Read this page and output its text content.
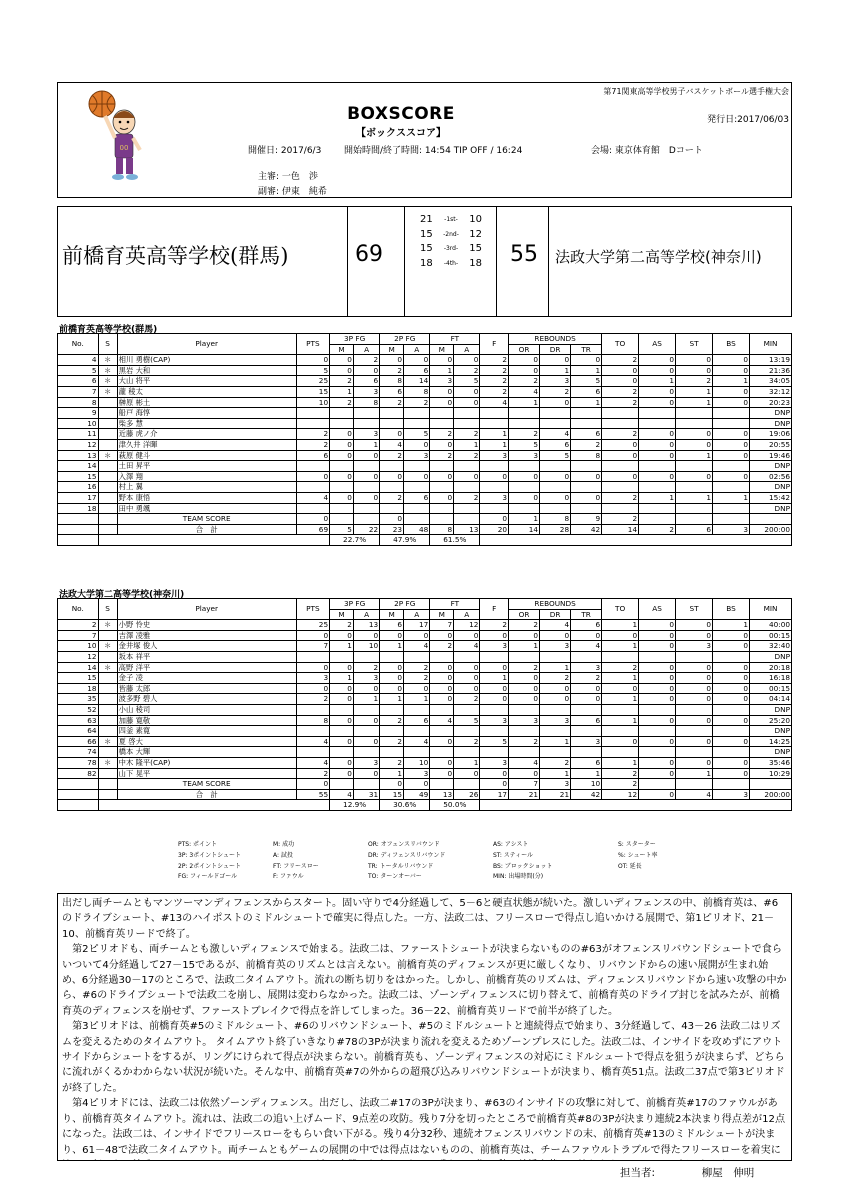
00
第71関東高等学校男子バスケットボール選手権大会
発行日:2017/06/03
BOXSCORE
【ボックススコア】
開催日: 2017/6/3	開始時間/終了時間: 14:54 TIP OFF / 16:24	会場: 東京体育館　Dコート
主審: 一色　渉
副審: 伊東　純希
前橋育英高等学校(群馬)	69
21 -1st- 10
15 -2nd- 12
15 -3rd- 15
18 -4th- 18 55 法政大学第二高等学校(神奈川)
前橋育英高等学校(群馬)
No.	S	Player	PTS	3P FG		2P FG		FT		F	REBOUNDS			TO	AS	ST	BS	MIN
				M	A	M	A	M	A		OR	DR	TR					
4	＊	相川 勇樹(CAP)	0	0	2	0	0	0	0	2	0	0	0	2	0	0	0	13:19
5	＊	黒岩 大和	5	0	0	2	6	1	2	2	0	1	1	0	0	0	0	21:36
6	＊	大山 将平	25	2	6	8	14	3	5	2	2	3	5	0	1	2	1	34:05
7	＊	瀧 稜太	15	1	3	6	8	0	0	2	4	2	6	2	0	1	0	32:12
8		榊原 彬土	10	2	8	2	2	0	0	4	1	0	1	2	0	1	0	20:23
9		船戸 海惇																DNP
10		柴多 慧																DNP
11		近藤 虎ノ介	2	0	3	0	5	2	2	1	2	4	6	2	0	0	0	19:06
12		津久井 洋暉	2	0	1	4	0	0	1	1	5	6	2	0	0	0	0	20:55
13	＊	萩原 健斗	6	0	0	2	3	2	2	3	3	5	8	0	0	1	0	19:46
14		土田 昇平																DNP
15		入澤 翔	0	0	0	0	0	0	0	0	0	0	0	0	0	0	0	02:56
16		村上 翼																DNP
17		野本 康悟	4	0	0	2	6	0	2	3	0	0	0	2	1	1	1	15:42
18		田中 勇颯																DNP
		TEAM SCORE	0			0				0	1	8	9	2				
		合　計	69	5	22	23	48	8	13	20	14	28	42	14	2	6	3	200:00
				22.7%		47.9%		61.5%										
法政大学第二高等学校(神奈川)
No.	S	Player	PTS	3P FG		2P FG		FT		F	REBOUNDS			TO	AS	ST	BS	MIN
				M	A	M	A	M	A		OR	DR	TR					
2	＊	小野 怜史	25	2	13	6	17	7	12	2	2	4	6	1	0	0	1	40:00
7		吉澤 凌雅	0	0	0	0	0	0	0	0	0	0	0	0	0	0	0	00:15
10	＊	金井塚 俊人	7	1	10	1	4	2	4	3	1	3	4	1	0	3	0	32:40
12		坂本 祥平																DNP
14	＊	高野 洋平	0	0	2	0	2	0	0	0	2	1	3	2	0	0	0	20:18
15		金子 凌	3	1	3	0	2	0	0	1	0	2	2	1	0	0	0	16:18
18		皆藤 太郎	0	0	0	0	0	0	0	0	0	0	0	0	0	0	0	00:15
35		波多野 碧人	2	0	1	1	1	0	2	0	0	0	0	1	0	0	0	04:14
52		小山 稜司																DNP
63		加藤 寛敬	8	0	0	2	6	4	5	3	3	3	6	1	0	0	0	25:20
64		四釜 素寛																DNP
66	＊	夏 啓大	4	0	0	2	4	0	2	5	2	1	3	0	0	0	0	14:25
74		橋本 大輝																DNP
78	＊	中木 隆平(CAP)	4	0	3	2	10	0	1	3	4	2	6	1	0	0	0	35:46
82		山下 晃平	2	0	0	1	3	0	0	0	0	1	1	2	0	1	0	10:29
		TEAM SCORE	0			0	0			0	7	3	10	2				
		合　計	55	4	31	15	49	13	26	17	21	21	42	12	0	4	3	200:00
				12.9%		30.6%		50.0%										
PTS: ポイント	M: 成功	OR: オフェンスリバウンド	AS: アシスト	S: スターター
3P: 3ポイントシュート	A: 試投	DR: ディフェンスリバウンド	ST: スティール	%: シュート率
2P: 2ポイントシュート	FT: フリースロー	TR: トータルリバウンド	BS: ブロックショット	OT: 延長
FG: フィールドゴール	F: ファウル	TO: ターンオーバー	MIN: 出場時間(分)

出だし両チームともマンツーマンディフェンスからスタート。固い守りで4分経過して、5－6と硬直状態が続いた。激しいディフェンスの中、前橋育英は、#6のドライブシュート、#13のハイポストのミドルシュートで確実に得点した。一方、法政二は、フリースローで得点し追いかける展開で、第1ピリオド、21－10、前橋育英リードで終了。

　第2ピリオドも、両チームとも激しいディフェンスで始まる。法政二は、ファーストシュートが決まらないものの#63がオフェンスリバウンドシュートで食らいついて4分経過して27－15であるが、前橋育英のリズムとは言えない。前橋育英のディフェンスが更に厳しくなり、リバウンドからの速い展開が生まれ始め、6分経過30－17のところで、法政二タイムアウト。流れの断ち切りをはかった。しかし、前橋育英のリズムは、ディフェンスリバウンドから速い攻撃の中から、#6のドライブシュートで法政二を崩し、展開は変わらなかった。法政二は、ゾーンディフェンスに切り替えて、前橋育英のドライブ封じを試みたが、前橋育英のディフェンスを崩せず、ファーストブレイクで得点を許してしまった。36－22、前橋育英リードで前半が終了した。

　第3ピリオドは、前橋育英#5のミドルシュート、#6のリバウンドシュート、#5のミドルシュートと連続得点で始まり、3分経過して、43－26 法政二はリズムを変えるためのタイムアウト。 タイムアウト終了いきなり#78の3Pが決まり流れを変えるためゾーンプレスにした。法政二は、インサイドを攻めずにアウトサイドからシュートをするが、リングにけられて得点が決まらない。前橋育英も、ゾーンディフェンスの対応にミドルシュートで得点を狙うが決まらず、どちらに流れがくるかわからない状況が続いた。そんな中、前橋育英#7の外からの超飛び込みリバウンドシュートが決まり、橋育英51点。法政二37点で第3ピリオドが終了した。

　第4ピリオドには、法政二は依然ゾーンディフェンス。出だし、法政二#17の3Pが決まり、#63のインサイドの攻撃に対して、前橋育英#17のファウルがあり、前橋育英タイムアウト。流れは、法政二の追い上げムード、9点差の攻防。残り7分を切ったところで前橋育英#8の3Pが決まり連続2本決まり得点差が12点になった。法政二は、インサイドでフリースローをもらい食い下がる。残り4分32秒、連続オフェンスリバウンドの末、前橋育英#13のミドルシュートが決まり、61－48で法政二タイムアウト。両チームともゲームの展開の中では得点はないものの、前橋育英は、チームファウルトラブルで得たフリースローを着実に

担当者:	柳屋　伸明
